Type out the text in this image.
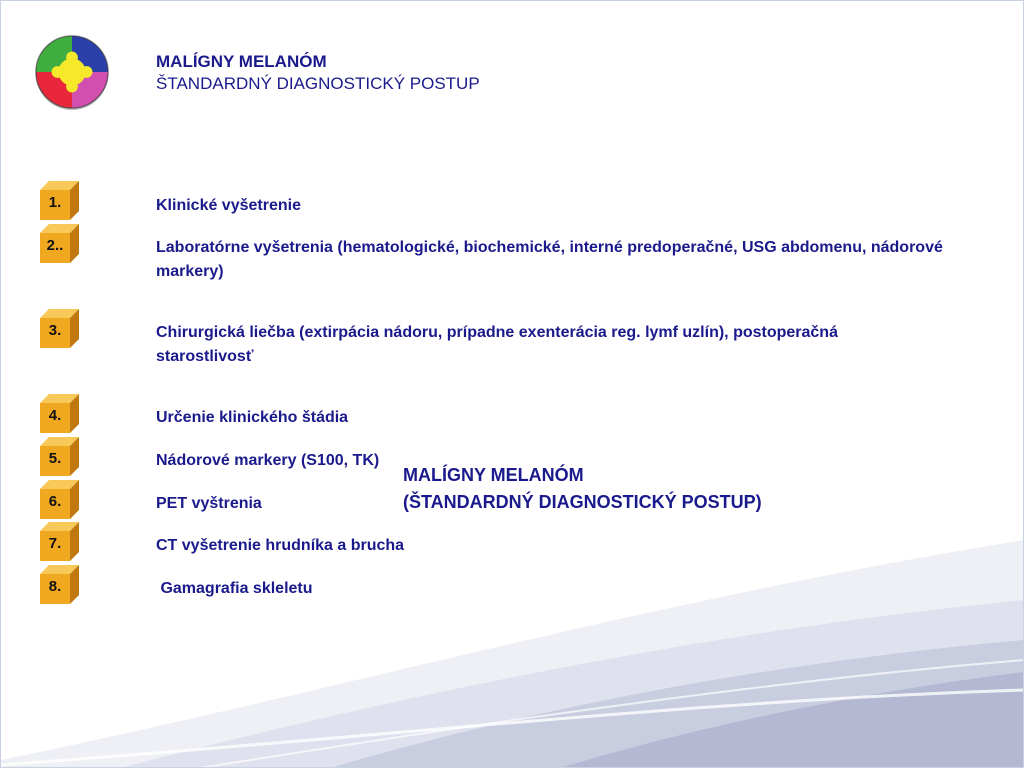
MALÍGNY MELANÓM
ŠTANDARDNÝ DIAGNOSTICKÝ POSTUP
1.	Klinické vyšetrenie
2..	Laboratórne vyšetrenia (hematologické, biochemické, interné predoperačné, USG abdomenu, nádorové markery)
3.	Chirurgická liečba (extirpácia nádoru, prípadne exenterácia reg. lymf uzlín), postoperačná starostlivosť
4.	Určenie klinického štádia
5.	Nádorové markery (S100, TK)
6.	PET vyštrenia
7.	CT vyšetrenie hrudníka a brucha
8.	Gamagrafia skleletu
MALÍGNY MELANÓM
(ŠTANDARDNÝ DIAGNOSTICKÝ POSTUP)
